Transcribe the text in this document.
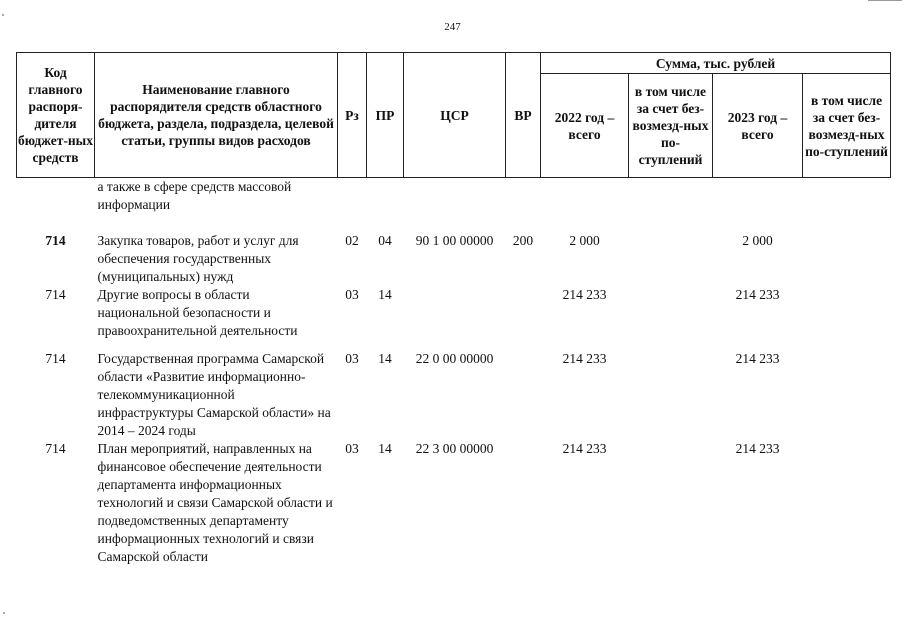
247
Код главного распоря-дителя бюджет-ных средств	Наименование главного распорядителя средств областного бюджета, раздела, подраздела, целевой статьи, группы видов расходов	Рз	ПР	ЦСР	ВР	Сумма, тыс. рублей			
						2022 год – всего	в том числе за счет без-возмезд-ных по-ступлений	2023 год – всего	в том числе за счет без-возмезд-ных по-ступлений
	а также в сфере средств массовой информации								
714	Закупка товаров, работ и услуг для обеспечения государственных (муниципальных) нужд	02	04	90 1 00 00000	200	2 000		2 000	
714	Другие вопросы в области национальной безопасности и правоохранительной деятельности	03	14			214 233		214 233	
714	Государственная программа Самарской области «Развитие информационно-телекоммуникационной инфраструктуры Самарской области» на 2014 – 2024 годы	03	14	22 0 00 00000		214 233		214 233	
714	План мероприятий, направленных на финансовое обеспечение деятельности департамента информационных технологий и связи Самарской области и подведомственных департаменту информационных технологий и связи Самарской области	03	14	22 3 00 00000		214 233		214 233	
